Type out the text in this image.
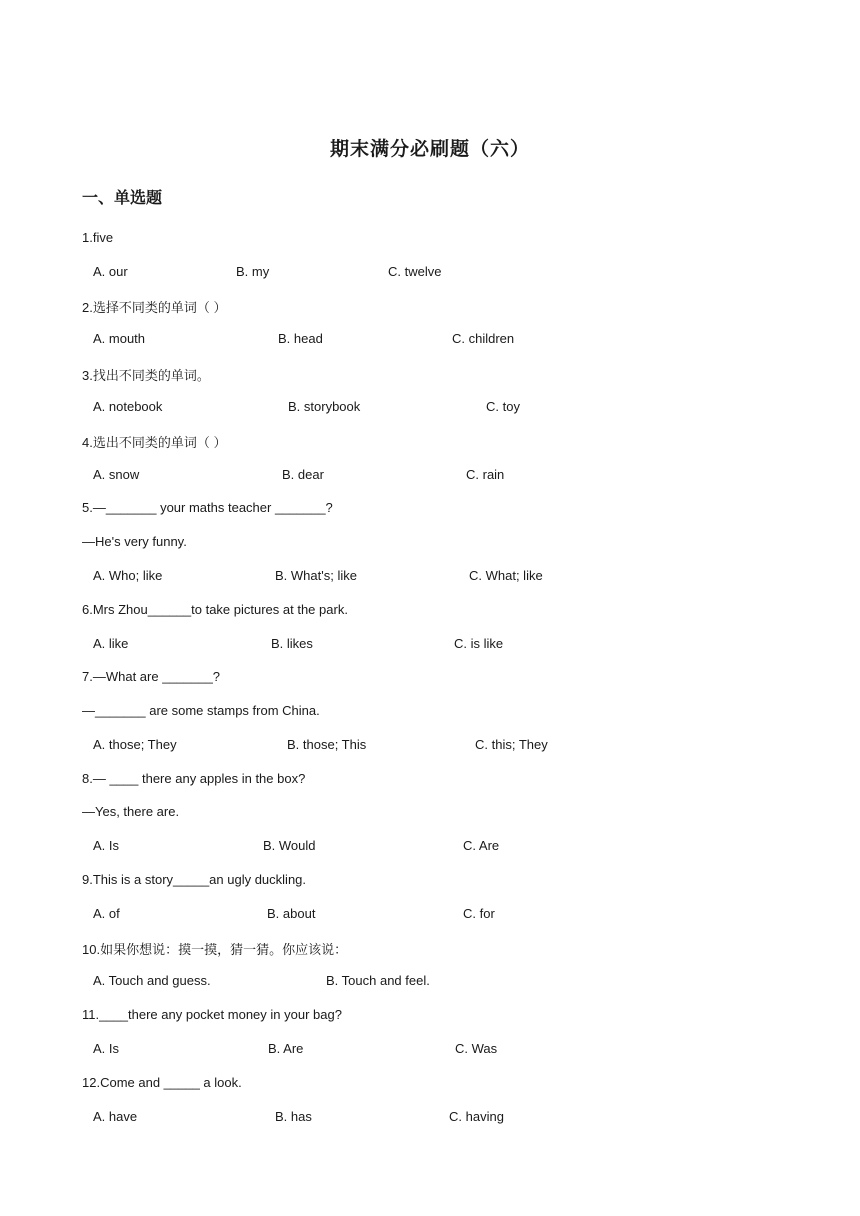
期末满分必刷题（六）
一、单选题
1.five
A. our	B. my	C. twelve
2.选择不同类的单词（ ）
A. mouth	B. head	C. children
3.找出不同类的单词。
A. notebook	B. storybook	C. toy
4.选出不同类的单词（ ）
A. snow	B. dear	C. rain
5.—_______ your maths teacher _______?
—He's very funny.
A. Who; like	B. What's; like	C. What; like
6.Mrs Zhou______to take pictures at the park.
A. like	B. likes	C. is like
7.—What are _______?
—_______ are some stamps from China.
A. those; They	B. those; This	C. this; They
8.— ____ there any apples in the box?
—Yes, there are.
A. Is	B. Would	C. Are
9.This is a story_____an ugly duckling.
A. of	B. about	C. for
10.如果你想说：摸一摸，猜一猜。你应该说：
A. Touch and guess.	B. Touch and feel.
11.____there any pocket money in your bag?
A. Is	B. Are	C. Was
12.Come and _____ a look.
A. have	B. has	C. having
